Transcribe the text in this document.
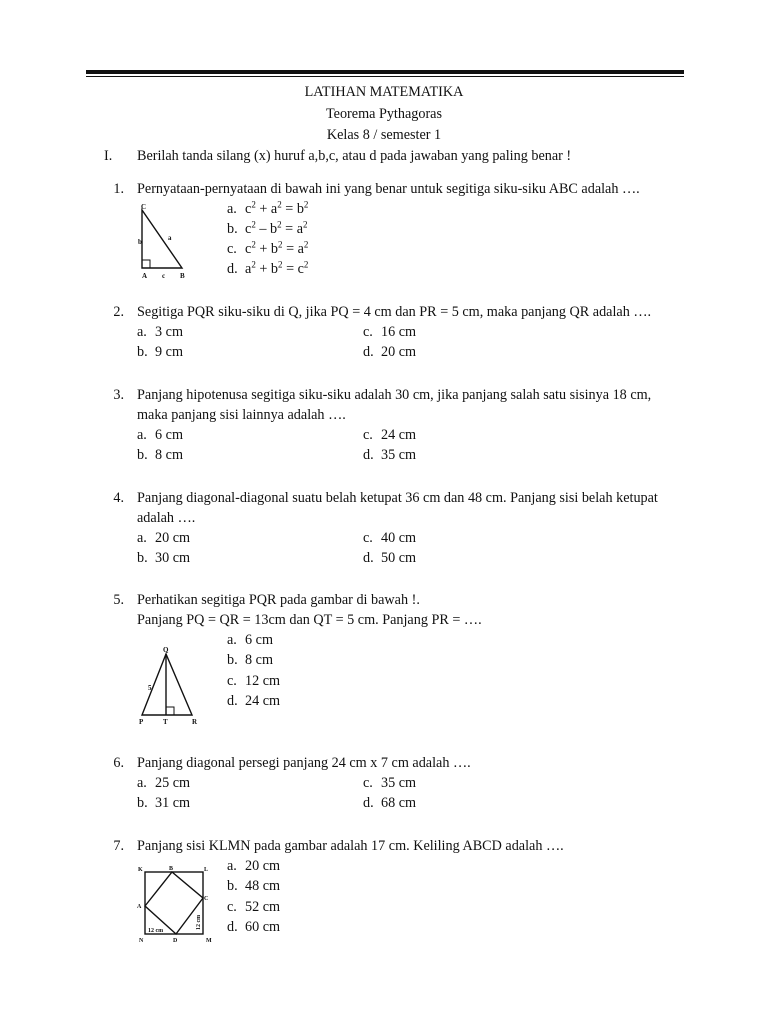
LATIHAN MATEMATIKA
Teorema Pythagoras
Kelas 8 / semester 1
I. Berilah tanda silang (x) huruf a,b,c, atau d pada jawaban yang paling benar !
1. Pernyataan-pernyataan di bawah ini yang benar untuk segitiga siku-siku ABC adalah ….
C
b	a
A c B
a. $c^2 + a^2 = b^2$
b. $c^2 - b^2 = a^2$
c. $c^2 + b^2 = a^2$
d. $a^2 + b^2 = c^2$
2. Segitiga PQR siku-siku di Q, jika PQ = 4 cm dan PR = 5 cm, maka panjang QR adalah ….
a. 3 cm	c. 16 cm
b. 9 cm	d. 20 cm
3. Panjang hipotenusa segitiga siku-siku adalah 30 cm, jika panjang salah satu sisinya 18 cm,
maka panjang sisi lainnya adalah ….
a. 6 cm	c. 24 cm
b. 8 cm	d. 35 cm
4. Panjang diagonal-diagonal suatu belah ketupat 36 cm dan 48 cm. Panjang sisi belah ketupat
adalah ….
a. 20 cm	c. 40 cm
b. 30 cm	d. 50 cm
5. Perhatikan segitiga PQR pada gambar di bawah !.
Panjang PQ = QR = 13cm dan QT = 5 cm. Panjang PR = ….
Q
5
P	T	R
a. 6 cm
b. 8 cm
c. 12 cm
d. 24 cm
6. Panjang diagonal persegi panjang 24 cm x 7 cm adalah ….
a. 25 cm	c. 35 cm
b. 31 cm	d. 68 cm
7. Panjang sisi KLMN pada gambar adalah 17 cm. Keliling ABCD adalah ….
K	B	L
A
C
N	D	M
12 cm
12 cm
a. 20 cm
b. 48 cm
c. 52 cm
d. 60 cm
